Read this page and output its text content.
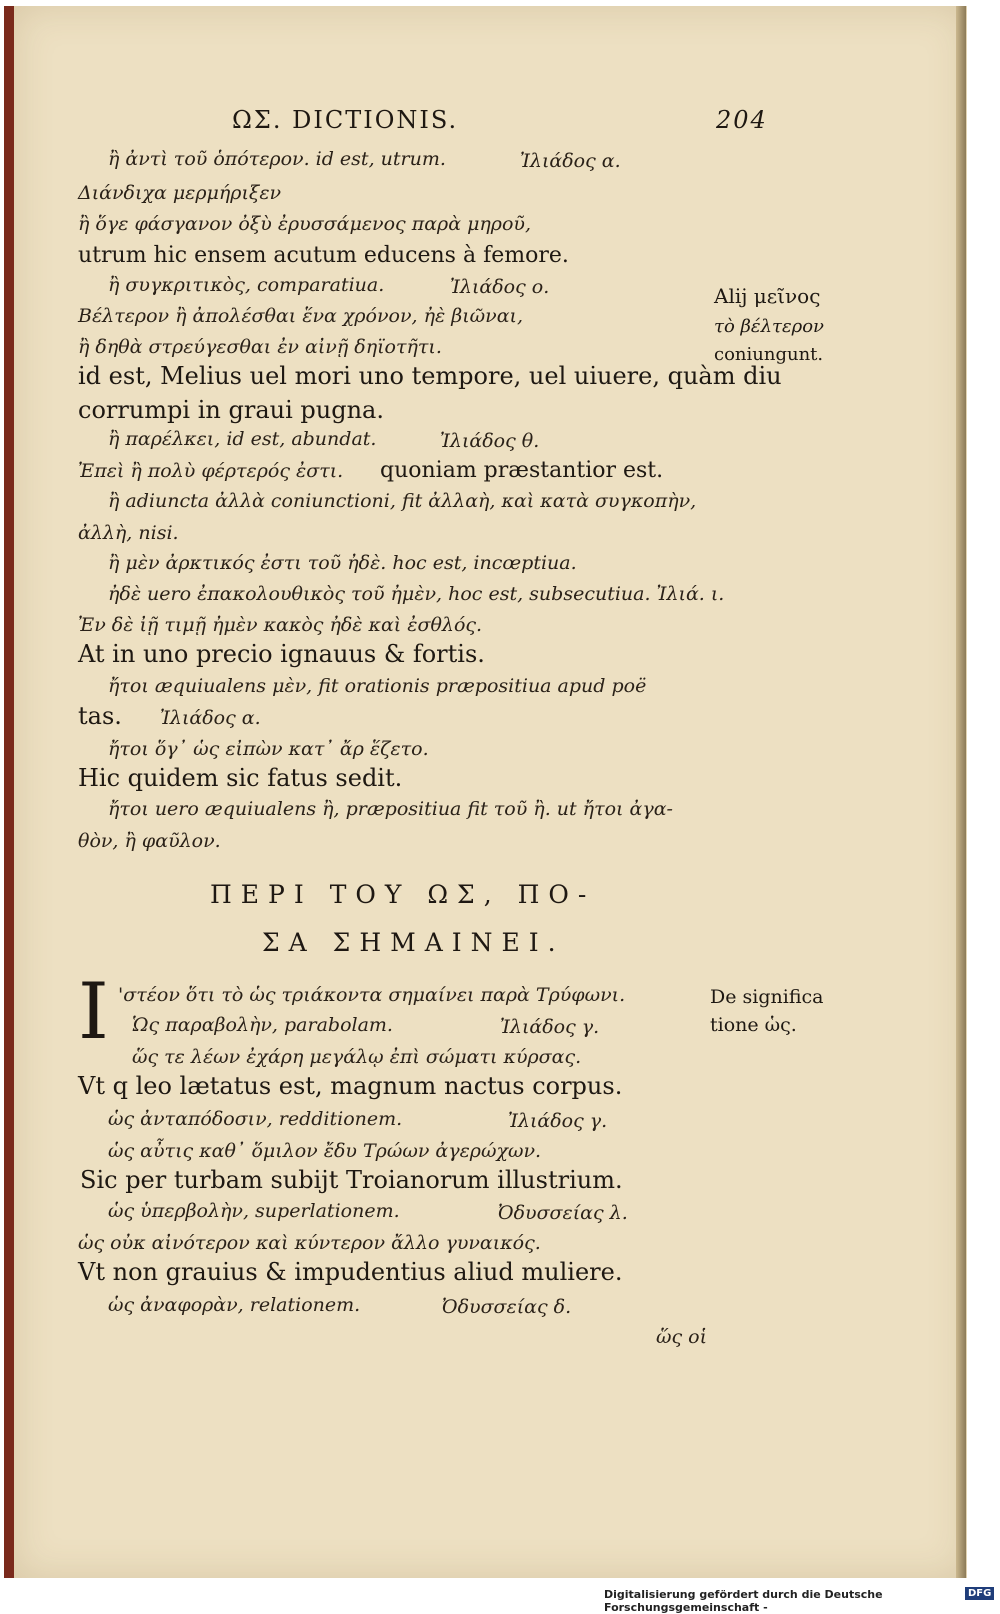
ΩΣ. DICTIONIS.	204
ἢ ἀντὶ τοῦ ὁπότερον. id est, utrum.	Ἰλιάδος α.
Διάνδιχα μερμήριξεν
ἢ ὅγε φάσγανον ὀξὺ ἐρυσσάμενος παρὰ μηροῦ,
utrum hic ensem acutum educens à femore.
ἢ συγκριτικὸς, comparatiua.	Ἰλιάδος ο.
Βέλτερον ἢ ἀπολέσθαι ἕνα χρόνον, ἠὲ βιῶναι,
ἢ δηθὰ στρεύγεσθαι ἐν αἰνῇ δηϊοτῆτι.
id est, Melius uel mori uno tempore, uel uiuere, quàm diu
corrumpi in graui pugna.
ἢ παρέλκει, id est, abundat.	Ἰλιάδος θ.
Ἐπεὶ ἢ πολὺ φέρτερός ἐστι. quoniam præstantior est.
ἢ adiuncta ἀλλὰ coniunctioni, fit ἀλλαὴ, καὶ κατὰ συγκοπὴν,
ἀλλὴ, nisi.
ἢ μὲν ἀρκτικός ἐστι τοῦ ἠδὲ. hoc est, incœptiua.
ἠδὲ uero ἐπακολουθικὸς τοῦ ἠμὲν, hoc est, subsecutiua. Ἰλιά. ι.
Ἐν δὲ ἰῇ τιμῇ ἠμὲν κακὸς ἠδὲ καὶ ἐσθλός.
At in uno precio ignauus & fortis.
ἤτοι æquiualens μὲν, fit orationis præpositiua apud poë
tas. Ἰλιάδος α.
ἤτοι ὅγ᾽ ὡς εἰπὼν κατ᾽ ἄρ ἕζετο.
Hic quidem sic fatus sedit.
ἤτοι uero æquiualens ἢ, præpositiua fit τοῦ ἢ. ut ἤτοι ἀγα-
θὸν, ἢ φαῦλον.
ΠΕΡΙ ΤΟΥ ΩΣ, ΠΟ-
ΣΑ ΣΗΜΑΙΝΕΙ.
I 'στέον ὅτι τὸ ὡς τριάκοντα σημαίνει παρὰ Τρύφωνι.
Ὡς παραβολὴν, parabolam.	Ἰλιάδος γ.
ὥς τε λέων ἐχάρη μεγάλῳ ἐπὶ σώματι κύρσας.
Vt q leo lætatus est, magnum nactus corpus.
ὡς ἀνταπόδοσιν, redditionem.	Ἰλιάδος γ.
ὡς αὖτις καθ᾽ ὅμιλον ἔδυ Τρώων ἀγερώχων.
Sic per turbam subijt Troianorum illustrium.
ὡς ὑπερβολὴν, superlationem.	Ὀδυσσείας λ.
ὡς οὐκ αἰνότερον καὶ κύντερον ἄλλο γυναικός.
Vt non grauius & impudentius aliud muliere.
ὡς ἀναφορὰν, relationem.	Ὀδυσσείας δ.
ὥς οἱ
Alij μεῖνος
τὸ βέλτερον
coniungunt.
De significa
tione ὡς.
Digitalisierung gefördert durch die Deutsche Forschungsgemeinschaft -
DFG
